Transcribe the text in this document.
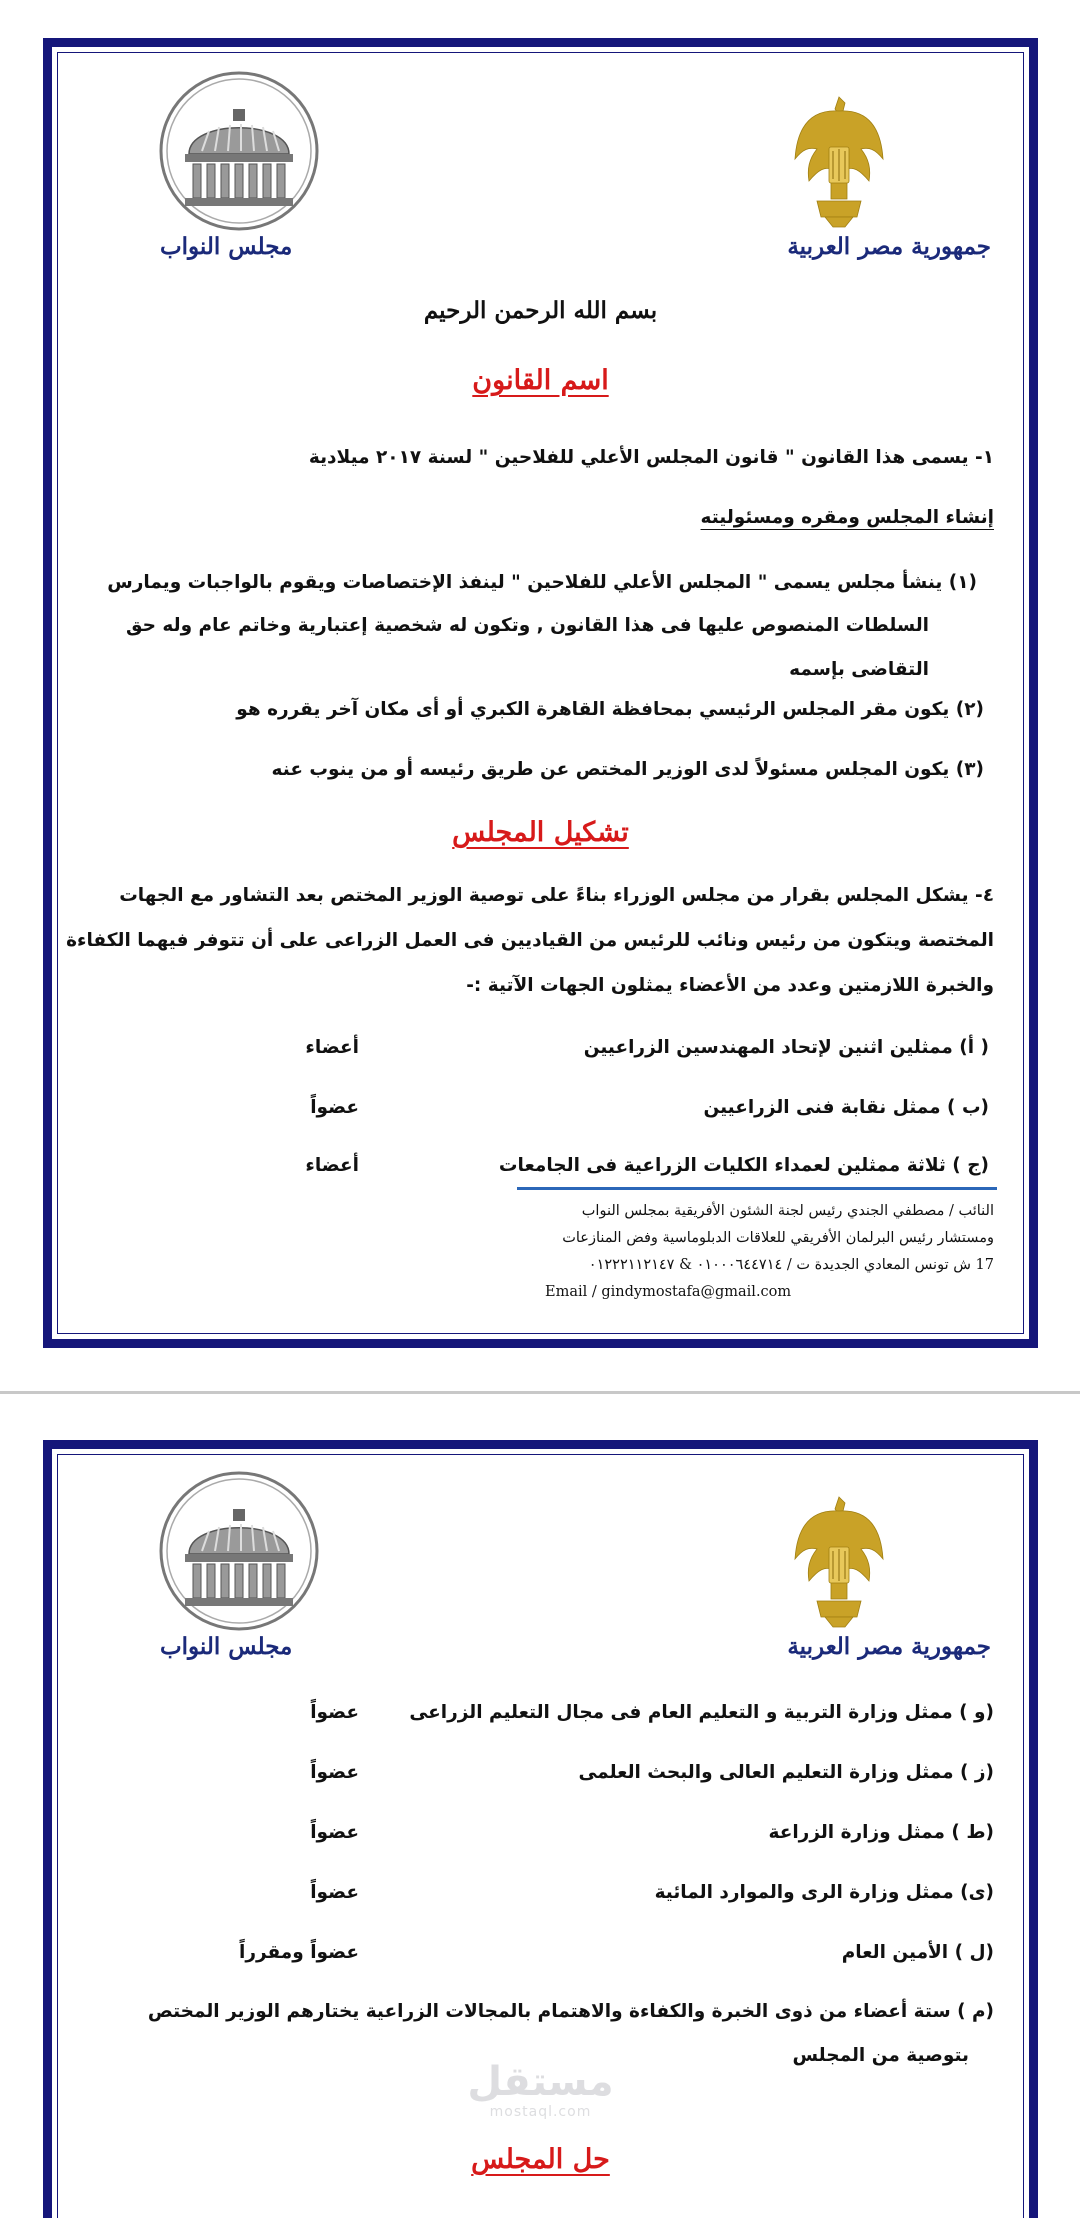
جمهورية مصر العربية
مجلس النواب
بسم الله الرحمن الرحيم
اسم القانون
١- يسمى هذا القانون " قانون المجلس الأعلي للفلاحين " لسنة ٢٠١٧ ميلادية
إنشاء المجلس ومقره ومسئوليته
(١) ينشأ مجلس يسمى " المجلس الأعلي للفلاحين " لينفذ الإختصاصات ويقوم بالواجبات ويمارس
السلطات المنصوص عليها فى هذا القانون , وتكون له شخصية إعتبارية وخاتم عام وله حق
التقاضى بإسمه
(٢) يكون مقر المجلس الرئيسي بمحافظة القاهرة الكبري أو أى مكان آخر يقرره هو
(٣) يكون المجلس مسئولاً لدى الوزير المختص عن طريق رئيسه أو من ينوب عنه
تشكيل المجلس
٤- يشكل المجلس بقرار من مجلس الوزراء بناءً على توصية الوزير المختص بعد التشاور مع الجهات
المختصة ويتكون من رئيس ونائب للرئيس من القياديين فى العمل الزراعى على أن تتوفر فيهما الكفاءة
والخبرة اللازمتين وعدد من الأعضاء يمثلون الجهات الآتية :-
( أ) ممثلين اثنين لإتحاد المهندسين الزراعيين
أعضاء
(ب ) ممثل نقابة فنى الزراعيين
عضواً
(ج ) ثلاثة ممثلين لعمداء الكليات الزراعية فى الجامعات
أعضاء
النائب / مصطفي الجندي رئيس لجنة الشئون الأفريقية بمجلس النواب
ومستشار رئيس البرلمان الأفريقي للعلاقات الدبلوماسية وفض المنازعات
17 ش تونس المعادي الجديدة ت / ٠١٠٠٠٦٤٤٧١٤ & ٠١٢٢٢١١٢١٤٧
Email / gindymostafa@gmail.com
جمهورية مصر العربية
مجلس النواب
(و ) ممثل وزارة التربية و التعليم العام فى مجال التعليم الزراعى
عضواً
(ز ) ممثل وزارة التعليم العالى والبحث العلمى
عضواً
(ط ) ممثل وزارة الزراعة
عضواً
(ى) ممثل وزارة الرى والموارد المائية
عضواً
(ل ) الأمين العام
عضواً ومقرراً
(م ) ستة أعضاء من ذوى الخبرة والكفاءة والاهتمام بالمجالات الزراعية يختارهم الوزير المختص
بتوصية من المجلس
مستقل
mostaql.com
حل المجلس
